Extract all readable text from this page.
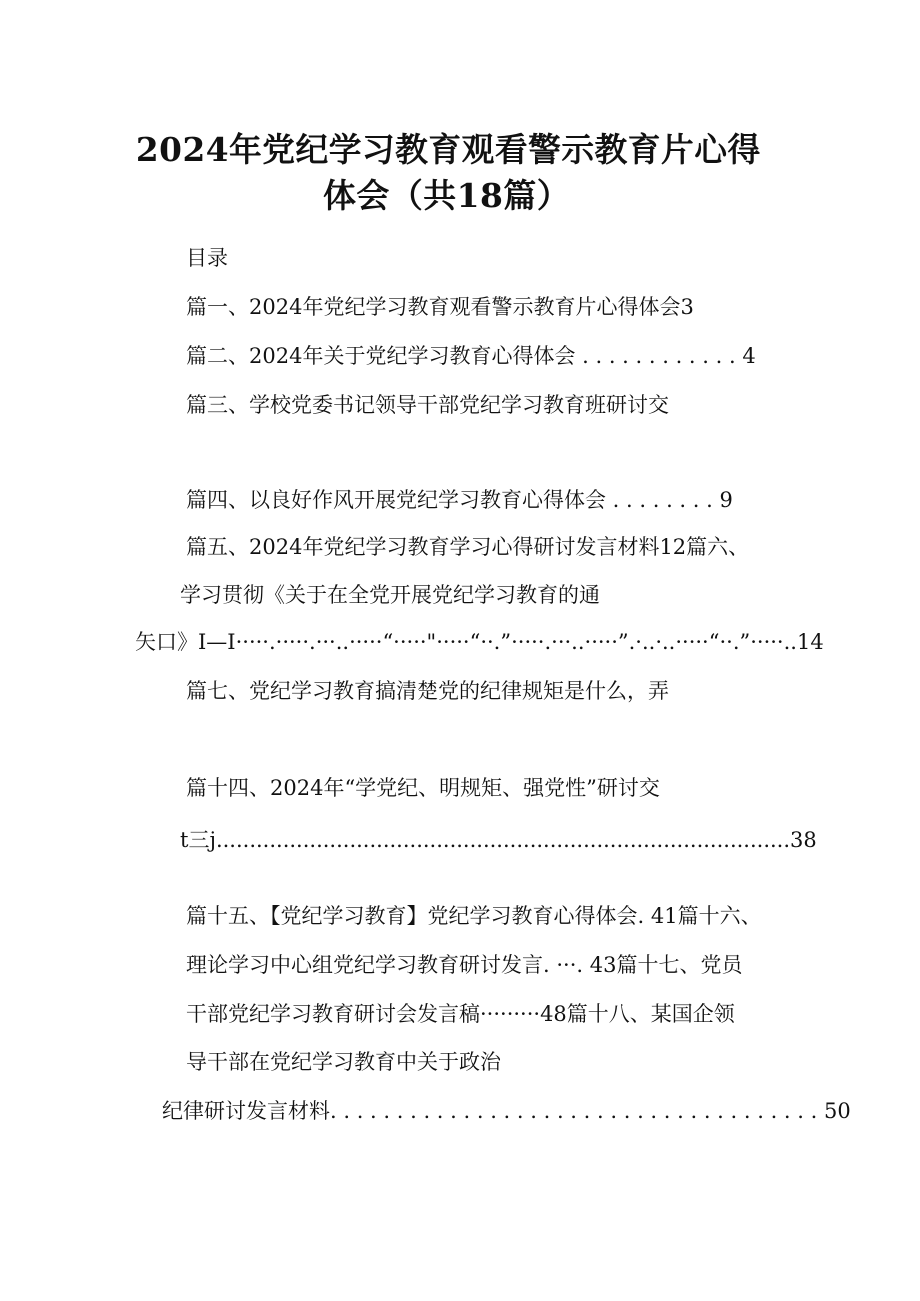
2024年党纪学习教育观看警示教育片心得
体会（共18篇）
目录
篇一、2024年党纪学习教育观看警示教育片心得体会3
篇二、2024年关于党纪学习教育心得体会 . . . . . . . . . . . . 4
篇三、学校党委书记领导干部党纪学习教育班研讨交
篇四、以良好作风开展党纪学习教育心得体会 . . . . . . . . 9
篇五、2024年党纪学习教育学习心得研讨发言材料12篇六、
学习贯彻《关于在全党开展党纪学习教育的通
矢口》I—I·····.·····.···..·····“·····"·····“··.”·····.···..·····”.·..·..·····“··.”·····..14
篇七、党纪学习教育搞清楚党的纪律规矩是什么，弄
篇十四、2024年“学党纪、明规矩、强党性”研讨交
t三j......................................................................................38
篇十五、【党纪学习教育】党纪学习教育心得体会. 41篇十六、
理论学习中心组党纪学习教育研讨发言. ···. 43篇十七、党员
干部党纪学习教育研讨会发言稿·········48篇十八、某国企领
导干部在党纪学习教育中关于政治
纪律研讨发言材料. . . . . . . . . . . . . . . . . . . . . . . . . . . . . . . . . . . . . 50
